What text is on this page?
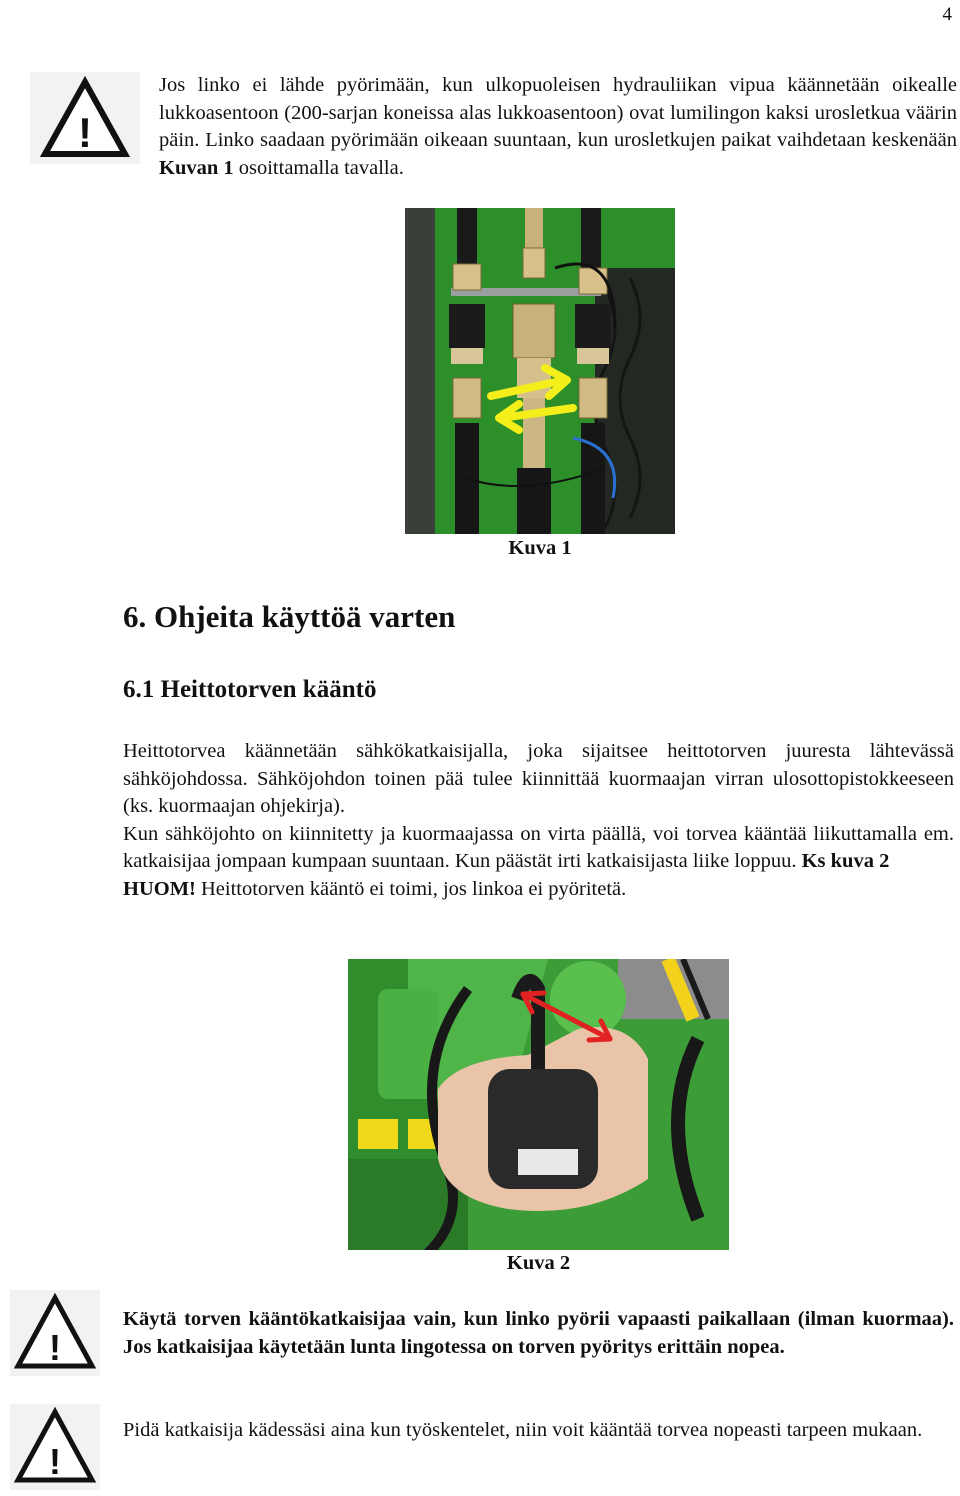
4
!

Jos linko ei lähde pyörimään, kun ulkopuoleisen hydrauliikan vipua käännetään oikealle lukkoasentoon (200-sarjan koneissa alas lukkoasentoon) ovat lumilingon kaksi urosletkua väärin päin. Linko saadaan pyörimään oikeaan suuntaan, kun urosletkujen paikat vaihdetaan keskenään Kuvan 1 osoittamalla tavalla.

Kuva 1
6. Ohjeita käyttöä varten
6.1 Heittotorven kääntö
Heittotorvea käännetään sähkökatkaisijalla, joka sijaitsee heittotorven juuresta lähtevässä sähköjohdossa. Sähköjohdon toinen pää tulee kiinnittää kuormaajan virran ulosottopistokkeeseen (ks. kuormaajan ohjekirja).
Kun sähköjohto on kiinnitetty ja kuormaajassa on virta päällä, voi torvea kääntää liikuttamalla em. katkaisijaa jompaan kumpaan suuntaan. Kun päästät irti katkaisijasta liike loppuu. Ks kuva 2
HUOM! Heittotorven kääntö ei toimi, jos linkoa ei pyöritetä.
Kuva 2
!

Käytä torven kääntökatkaisijaa vain, kun linko pyörii vapaasti paikallaan (ilman kuormaa). Jos katkaisijaa käytetään lunta lingotessa on torven pyöritys erittäin nopea.

!

Pidä katkaisija kädessäsi aina kun työskentelet, niin voit kääntää torvea nopeasti tarpeen mukaan.
